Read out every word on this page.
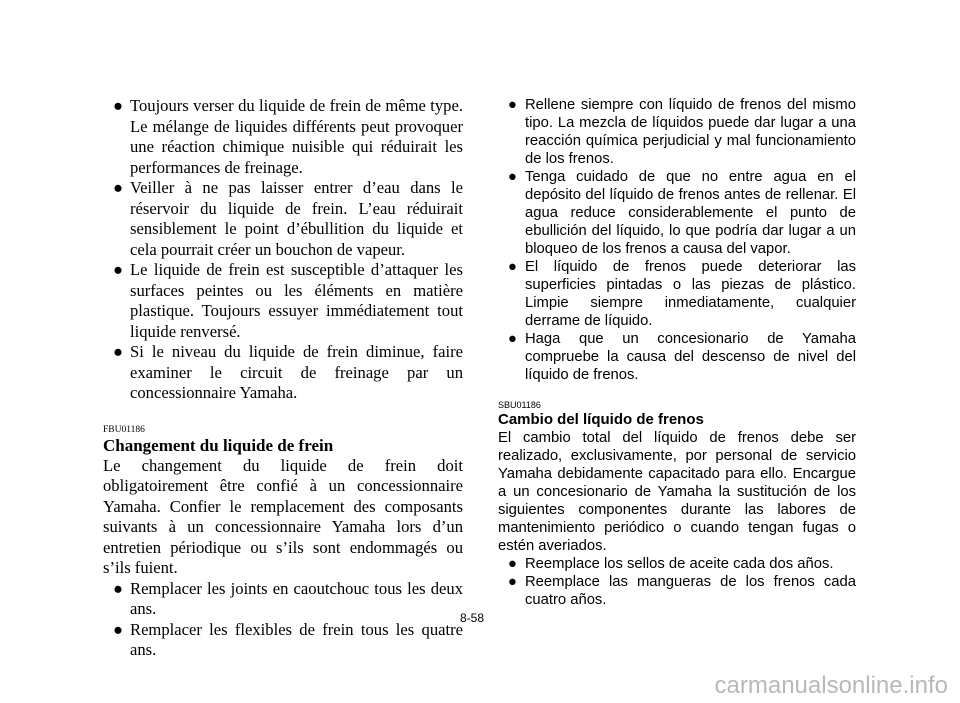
● Toujours verser du liquide de frein de même type. Le mélange de liquides différents peut provoquer une réaction chimique nuisible qui réduirait les performances de freinage.
● Veiller à ne pas laisser entrer d’eau dans le réservoir du liquide de frein. L’eau réduirait sensiblement le point d’ébullition du liquide et cela pourrait créer un bouchon de vapeur.
● Le liquide de frein est susceptible d’attaquer les surfaces peintes ou les éléments en matière plastique. Toujours essuyer immédiatement tout liquide renversé.
● Si le niveau du liquide de frein diminue, faire examiner le circuit de freinage par un concessionnaire Yamaha.
FBU01186
Changement du liquide de frein
Le changement du liquide de frein doit obligatoirement être confié à un concessionnaire Yamaha. Confier le remplacement des composants suivants à un concessionnaire Yamaha lors d’un entretien périodique ou s’ils sont endommagés ou s’ils fuient.
● Remplacer les joints en caoutchouc tous les deux ans.
● Remplacer les flexibles de frein tous les quatre ans.
● Rellene siempre con líquido de frenos del mismo tipo. La mezcla de líquidos puede dar lugar a una reacción química perjudicial y mal funcionamiento de los frenos.
● Tenga cuidado de que no entre agua en el depósito del líquido de frenos antes de rellenar. El agua reduce considerablemente el punto de ebullición del líquido, lo que podría dar lugar a un bloqueo de los frenos a causa del vapor.
● El líquido de frenos puede deteriorar las superficies pintadas o las piezas de plástico. Limpie siempre inmediatamente, cualquier derrame de líquido.
● Haga que un concesionario de Yamaha compruebe la causa del descenso de nivel del líquido de frenos.
SBU01186
Cambio del líquido de frenos
El cambio total del líquido de frenos debe ser realizado, exclusivamente, por personal de servicio Yamaha debidamente capacitado para ello. Encargue a un concesionario de Yamaha la sustitución de los siguientes componentes durante las labores de mantenimiento periódico o cuando tengan fugas o estén averiados.
● Reemplace los sellos de aceite cada dos años.
● Reemplace las mangueras de los frenos cada cuatro años.
8-58
carmanualsonline.info
